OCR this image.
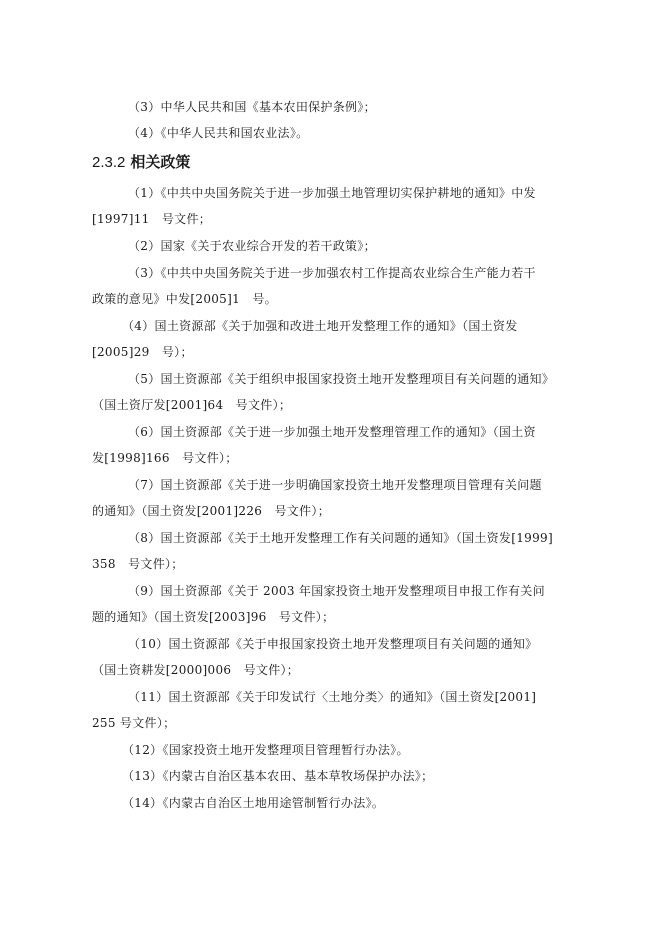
（3）中华人民共和国《基本农田保护条例》；
（4）《中华人民共和国农业法》。
2.3.2 相关政策
（1）《中共中央国务院关于进一步加强土地管理切实保护耕地的通知》中发
[1997]11　号文件；
（2）国家《关于农业综合开发的若干政策》；
（3）《中共中央国务院关于进一步加强农村工作提高农业综合生产能力若干
政策的意见》中发[2005]1　号。
（4）国土资源部《关于加强和改进土地开发整理工作的通知》（国土资发
[2005]29　号）；
（5）国土资源部《关于组织申报国家投资土地开发整理项目有关问题的通知》
（国土资厅发[2001]64　号文件）；
（6）国土资源部《关于进一步加强土地开发整理管理工作的通知》（国土资
发[1998]166　号文件）；
（7）国土资源部《关于进一步明确国家投资土地开发整理项目管理有关问题
的通知》（国土资发[2001]226　号文件）；
（8）国土资源部《关于土地开发整理工作有关问题的通知》（国土资发[1999]
358　号文件）；
（9）国土资源部《关于 2003 年国家投资土地开发整理项目申报工作有关问
题的通知》（国土资发[2003]96　号文件）；
（10）国土资源部《关于申报国家投资土地开发整理项目有关问题的通知》
（国土资耕发[2000]006　号文件）；
（11）国土资源部《关于印发试行〈土地分类〉的通知》（国土资发[2001]
255 号文件）；
（12）《国家投资土地开发整理项目管理暂行办法》。
（13）《内蒙古自治区基本农田、基本草牧场保护办法》；
（14）《内蒙古自治区土地用途管制暂行办法》。
